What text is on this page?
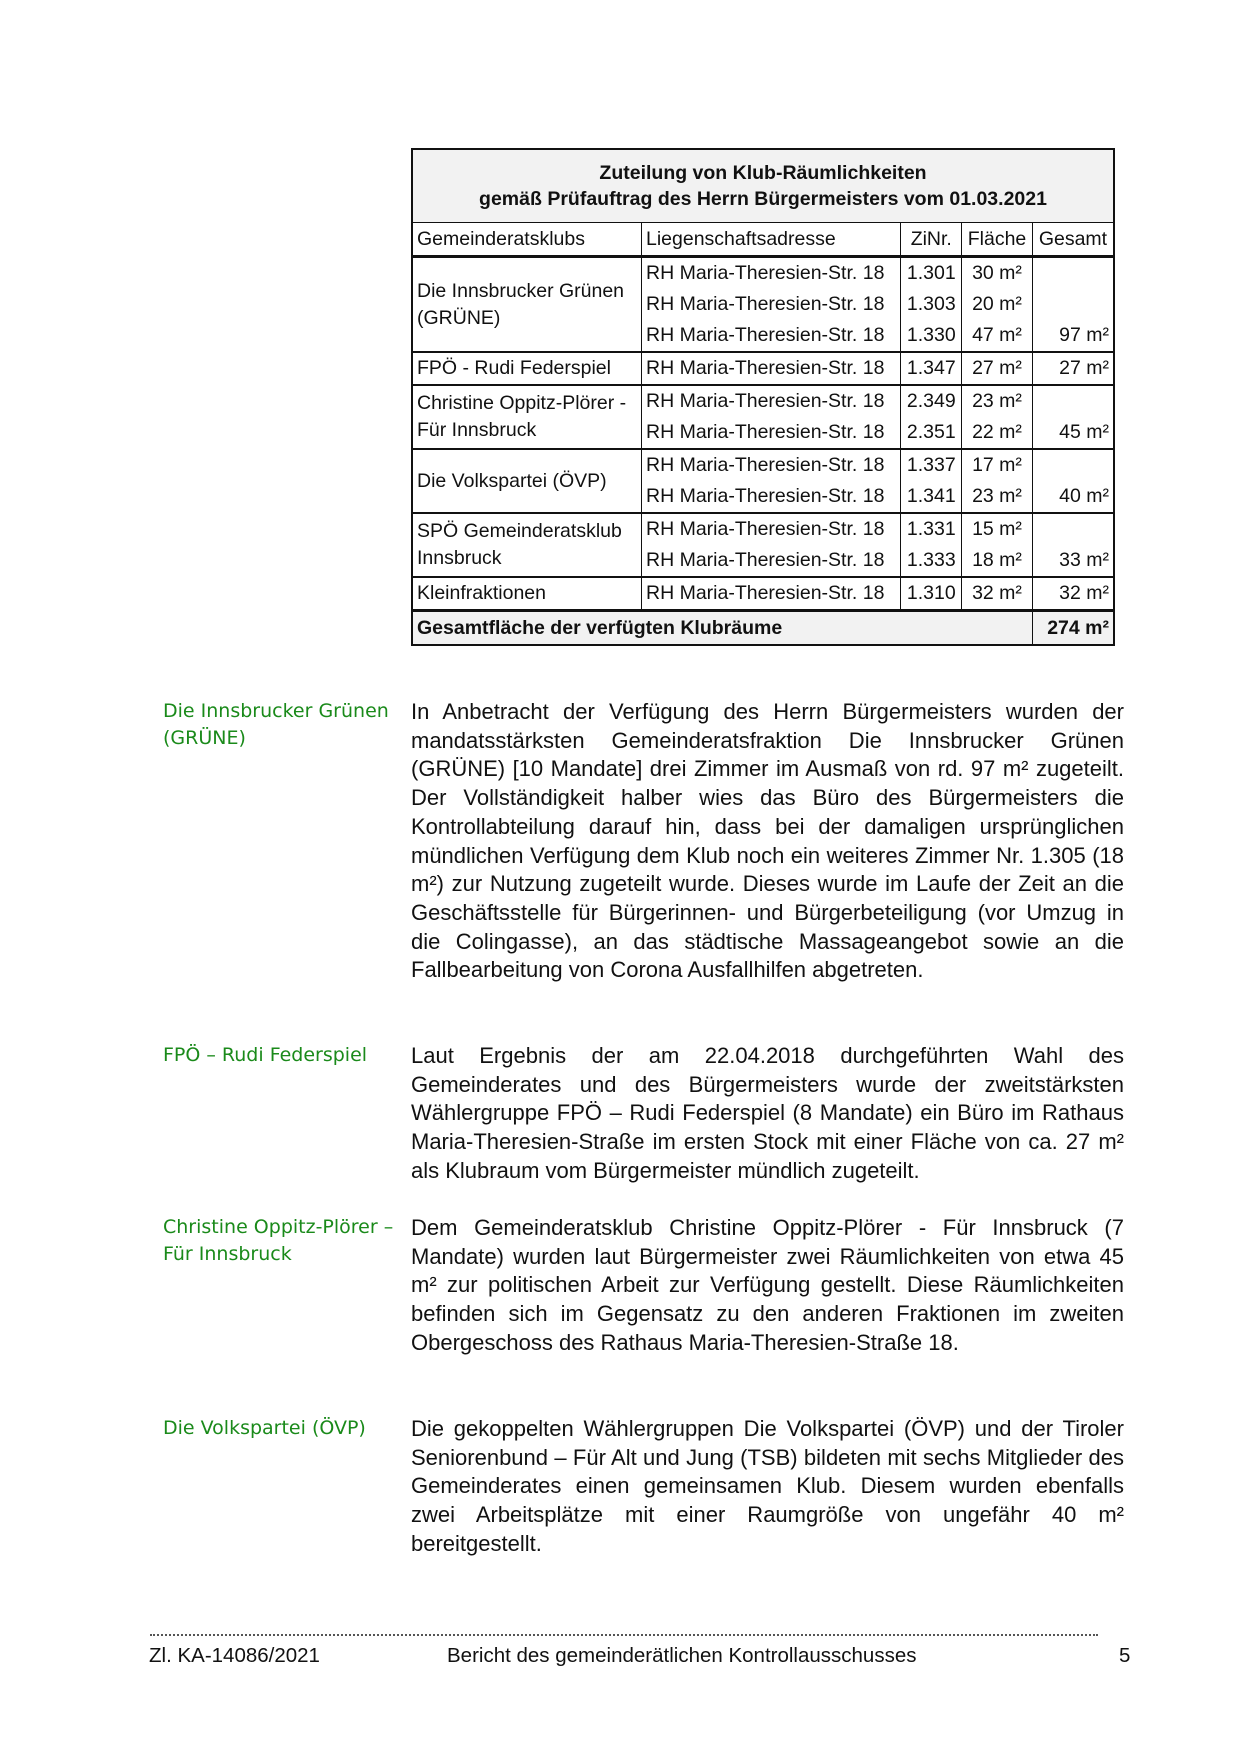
Zuteilung von Klub-Räumlichkeiten
gemäß Prüfauftrag des Herrn Bürgermeisters vom 01.03.2021				
Gemeinderatsklubs	Liegenschaftsadresse	ZiNr.	Fläche	Gesamt
Die Innsbrucker Grünen (GRÜNE)	RH Maria-Theresien-Str. 18	1.301	30 m²	97 m²
	RH Maria-Theresien-Str. 18	1.303	20 m²	
	RH Maria-Theresien-Str. 18	1.330	47 m²	
FPÖ - Rudi Federspiel	RH Maria-Theresien-Str. 18	1.347	27 m²	27 m²
Christine Oppitz-Plörer - Für Innsbruck	RH Maria-Theresien-Str. 18	2.349	23 m²	45 m²
	RH Maria-Theresien-Str. 18	2.351	22 m²	
Die Volkspartei (ÖVP)	RH Maria-Theresien-Str. 18	1.337	17 m²	40 m²
	RH Maria-Theresien-Str. 18	1.341	23 m²	
SPÖ Gemeinderatsklub Innsbruck	RH Maria-Theresien-Str. 18	1.331	15 m²	33 m²
	RH Maria-Theresien-Str. 18	1.333	18 m²	
Kleinfraktionen	RH Maria-Theresien-Str. 18	1.310	32 m²	32 m²
Gesamtfläche der verfügten Klubräume				274 m²
Die Innsbrucker Grünen (GRÜNE)
In Anbetracht der Verfügung des Herrn Bürgermeisters wurden der mandatsstärksten Gemeinderatsfraktion Die Innsbrucker Grünen (GRÜNE) [10 Mandate] drei Zimmer im Ausmaß von rd. 97 m² zugeteilt. Der Vollständigkeit halber wies das Büro des Bürgermeisters die Kontrollabteilung darauf hin, dass bei der damaligen ursprünglichen mündlichen Verfügung dem Klub noch ein weiteres Zimmer Nr. 1.305 (18 m²) zur Nutzung zugeteilt wurde. Dieses wurde im Laufe der Zeit an die Geschäftsstelle für Bürgerinnen- und Bürgerbeteiligung (vor Umzug in die Colingasse), an das städtische Massageangebot sowie an die Fallbearbeitung von Corona Ausfallhilfen abgetreten.
FPÖ – Rudi Federspiel	Laut Ergebnis der am 22.04.2018 durchgeführten Wahl des Gemeinderates und des Bürgermeisters wurde der zweitstärksten Wählergruppe FPÖ – Rudi Federspiel (8 Mandate) ein Büro im Rathaus Maria-Theresien-Straße im ersten Stock mit einer Fläche von ca. 27 m² als Klubraum vom Bürgermeister mündlich zugeteilt.
Christine Oppitz-Plörer – Für Innsbruck
Dem Gemeinderatsklub Christine Oppitz-Plörer - Für Innsbruck (7 Mandate) wurden laut Bürgermeister zwei Räumlichkeiten von etwa 45 m² zur politischen Arbeit zur Verfügung gestellt. Diese Räumlichkeiten befinden sich im Gegensatz zu den anderen Fraktionen im zweiten Obergeschoss des Rathaus Maria-Theresien-Straße 18.
Die Volkspartei (ÖVP)	Die gekoppelten Wählergruppen Die Volkspartei (ÖVP) und der Tiroler Seniorenbund – Für Alt und Jung (TSB) bildeten mit sechs Mitglieder des Gemeinderates einen gemeinsamen Klub. Diesem wurden ebenfalls zwei Arbeitsplätze mit einer Raumgröße von ungefähr 40 m² bereitgestellt.
Zl. KA-14086/2021	Bericht des gemeinderätlichen Kontrollausschusses	5
